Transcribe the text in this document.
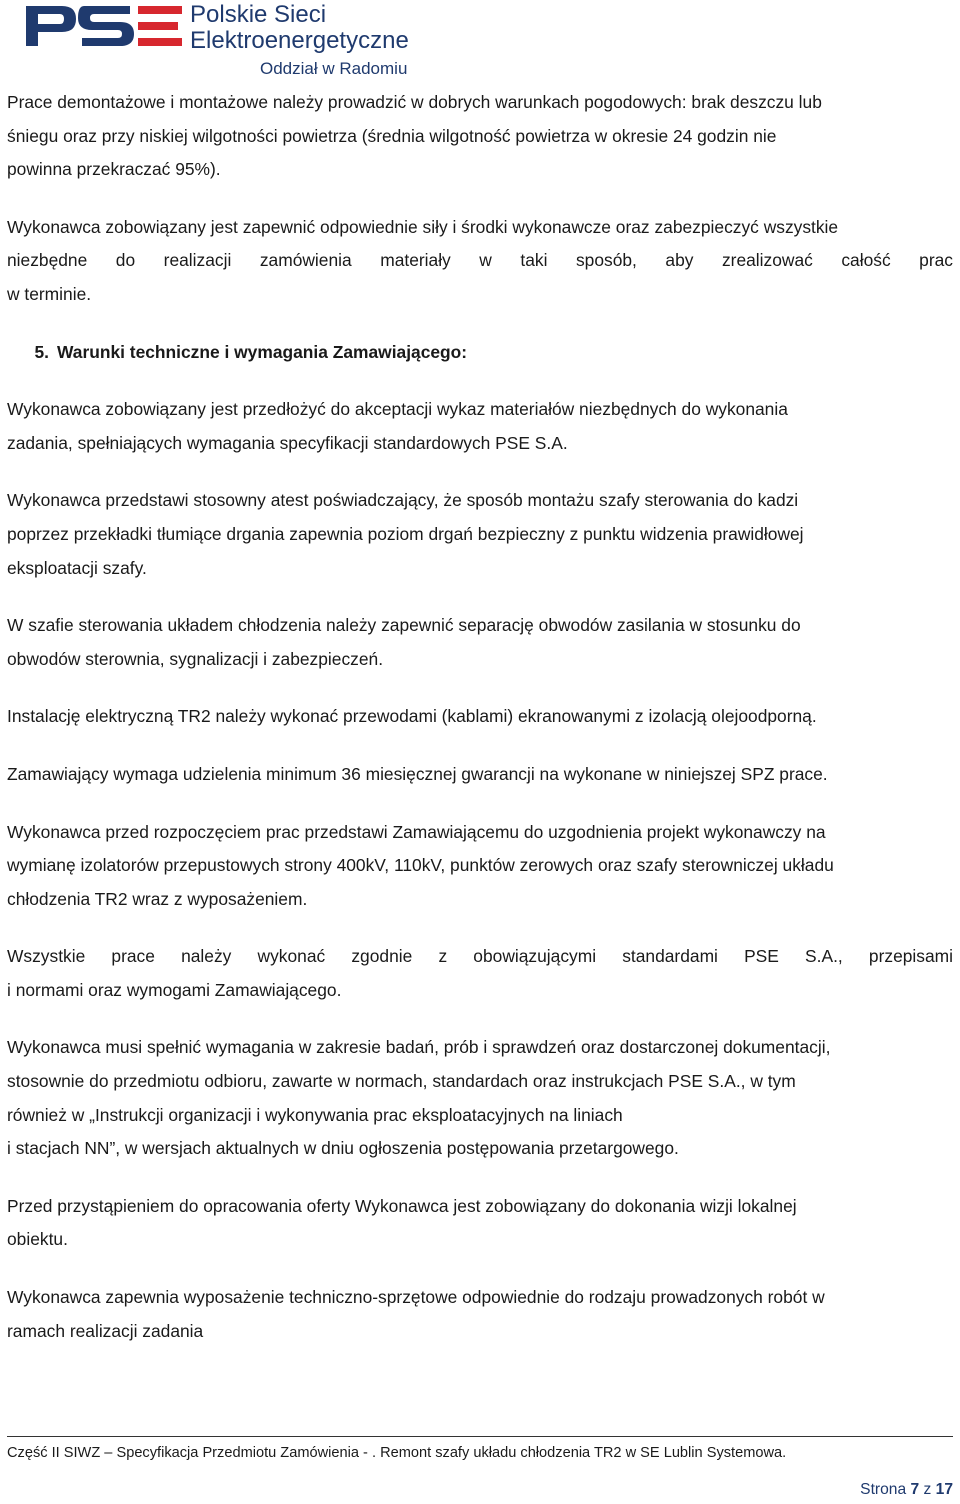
Polskie Sieci
Elektroenergetyczne
Oddział w Radomiu

Prace demontażowe i montażowe należy prowadzić w dobrych warunkach pogodowych: brak deszczu lub
śniegu oraz przy niskiej wilgotności powietrza (średnia wilgotność powietrza w okresie 24 godzin nie
powinna przekraczać 95%).

Wykonawca zobowiązany jest zapewnić odpowiednie siły i środki wykonawcze oraz zabezpieczyć wszystkie
niezbędne do realizacji zamówienia materiały w taki sposób, aby zrealizować całość prac
w terminie.

5. Warunki techniczne i wymagania Zamawiającego:

Wykonawca zobowiązany jest przedłożyć do akceptacji wykaz materiałów niezbędnych do wykonania
zadania, spełniających wymagania specyfikacji standardowych PSE S.A.

Wykonawca przedstawi stosowny atest poświadczający, że sposób montażu szafy sterowania do kadzi
poprzez przekładki tłumiące drgania zapewnia poziom drgań bezpieczny z punktu widzenia prawidłowej
eksploatacji szafy.

W szafie sterowania układem chłodzenia należy zapewnić separację obwodów zasilania w stosunku do
obwodów sterownia, sygnalizacji i zabezpieczeń.

Instalację elektryczną TR2 należy wykonać przewodami (kablami) ekranowanymi z izolacją olejoodporną.

Zamawiający wymaga udzielenia minimum 36 miesięcznej gwarancji na wykonane w niniejszej SPZ prace.

Wykonawca przed rozpoczęciem prac przedstawi Zamawiającemu do uzgodnienia projekt wykonawczy na
wymianę izolatorów przepustowych strony 400kV, 110kV, punktów zerowych oraz szafy sterowniczej układu
chłodzenia TR2 wraz z wyposażeniem.

Wszystkie prace należy wykonać zgodnie z obowiązującymi standardami PSE S.A., przepisami
i normami oraz wymogami Zamawiającego.

Wykonawca musi spełnić wymagania w zakresie badań, prób i sprawdzeń oraz dostarczonej dokumentacji,
stosownie do przedmiotu odbioru, zawarte w normach, standardach oraz instrukcjach PSE S.A., w tym
również w „Instrukcji organizacji i wykonywania prac eksploatacyjnych na liniach
i stacjach NN”, w wersjach aktualnych w dniu ogłoszenia postępowania przetargowego.

Przed przystąpieniem do opracowania oferty Wykonawca jest zobowiązany do dokonania wizji lokalnej
obiektu.

Wykonawca zapewnia wyposażenie techniczno-sprzętowe odpowiednie do rodzaju prowadzonych robót w
ramach realizacji zadania

Część II SIWZ – Specyfikacja Przedmiotu Zamówienia - . Remont szafy układu chłodzenia TR2 w SE Lublin Systemowa.
Strona 7 z 17
